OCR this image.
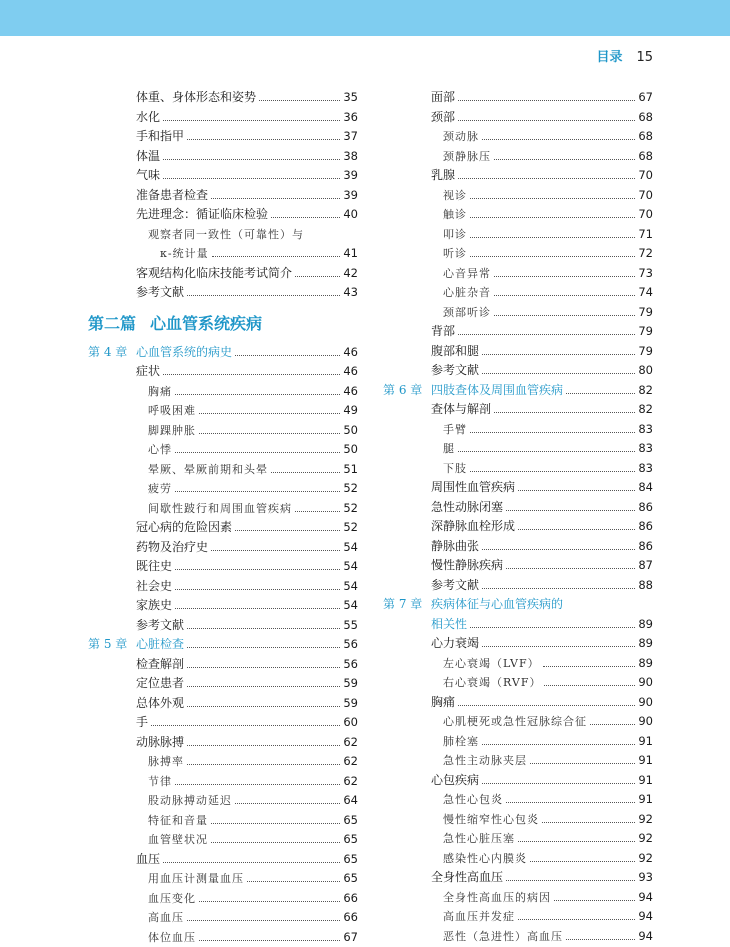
目录 15
体重、身体形态和姿势	35
水化	36
手和指甲	37
体温	38
气味	39
准备患者检查	39
先进理念：循证临床检验	40
观察者同一致性（可靠性）与
κ-统计量	41
客观结构化临床技能考试简介	42
参考文献	43
第二篇 心血管系统疾病
第 4 章 心血管系统的病史	46
症状	46
胸痛	46
呼吸困难	49
脚踝肿胀	50
心悸	50
晕厥、晕厥前期和头晕	51
疲劳	52
间歇性跛行和周围血管疾病	52
冠心病的危险因素	52
药物及治疗史	54
既往史	54
社会史	54
家族史	54
参考文献	55
第 5 章 心脏检查	56
检查解剖	56
定位患者	59
总体外观	59
手	60
动脉脉搏	62
脉搏率	62
节律	62
股动脉搏动延迟	64
特征和音量	65
血管壁状况	65
血压	65
用血压计测量血压	65
血压变化	66
高血压	66
体位血压	67
面部	67
颈部	68
颈动脉	68
颈静脉压	68
乳腺	70
视诊	70
触诊	70
叩诊	71
听诊	72
心音异常	73
心脏杂音	74
颈部听诊	79
背部	79
腹部和腿	79
参考文献	80
第 6 章 四肢查体及周围血管疾病	82
查体与解剖	82
手臂	83
腿	83
下肢	83
周围性血管疾病	84
急性动脉闭塞	86
深静脉血栓形成	86
静脉曲张	86
慢性静脉疾病	87
参考文献	88
第 7 章 疾病体征与心血管疾病的
相关性	89
心力衰竭	89
左心衰竭（LVF）	89
右心衰竭（RVF）	90
胸痛	90
心肌梗死或急性冠脉综合征	90
肺栓塞	91
急性主动脉夹层	91
心包疾病	91
急性心包炎	91
慢性缩窄性心包炎	92
急性心脏压塞	92
感染性心内膜炎	92
全身性高血压	93
全身性高血压的病因	94
高血压并发症	94
恶性（急进性）高血压	94
